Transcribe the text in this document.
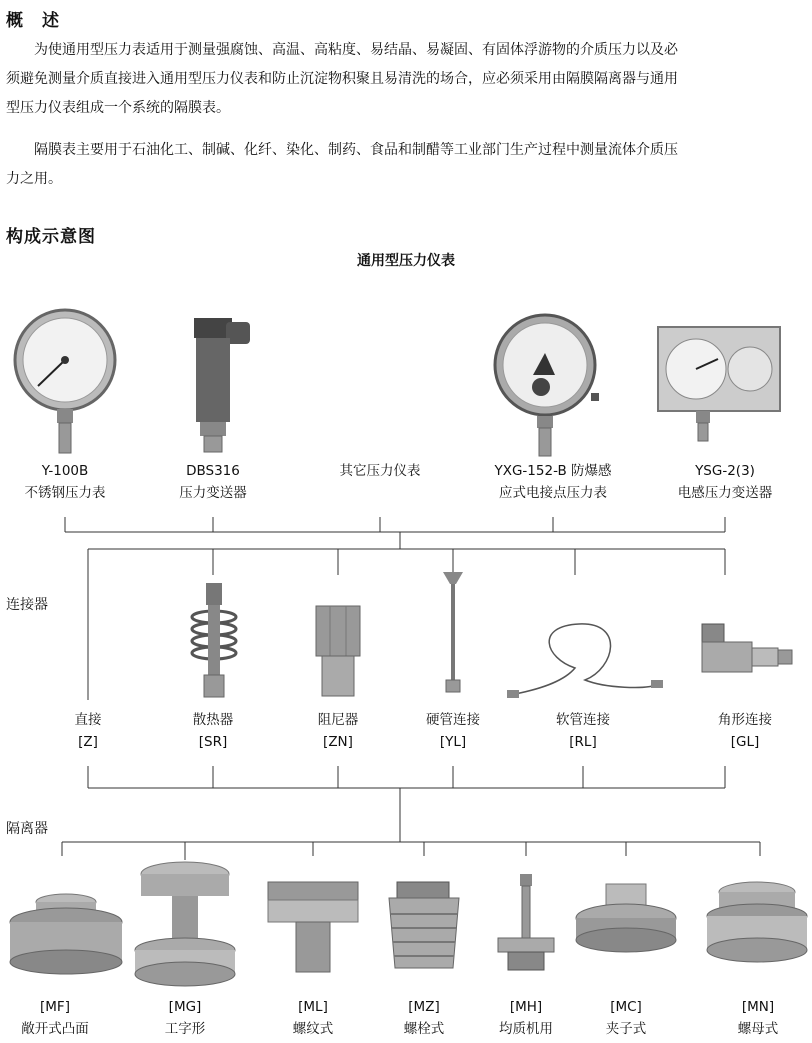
概　述
为使通用型压力表适用于测量强腐蚀、高温、高粘度、易结晶、易凝固、有固体浮游物的介质压力以及必
须避免测量介质直接进入通用型压力仪表和防止沉淀物积聚且易清洗的场合，应必须采用由隔膜隔离器与通用
型压力仪表组成一个系统的隔膜表。
隔膜表主要用于石油化工、制碱、化纤、染化、制药、食品和制醋等工业部门生产过程中测量流体介质压
力之用。
构成示意图
通用型压力仪表
Y-100B
不锈钢压力表
DBS316
压力变送器
其它压力仪表	YXG-152-B 防爆感
应式电接点压力表
YSG-2(3)
电感压力变送器
连接器
直接
[Z]
散热器
[SR]
阻尼器
[ZN]
硬管连接
[YL]
软管连接
[RL]
角形连接
[GL]
隔离器
[MF]
敞开式凸面
[MG]
工字形
[ML]
螺纹式
[MZ]
螺栓式
[MH]
均质机用
[MC]
夹子式
[MN]
螺母式
